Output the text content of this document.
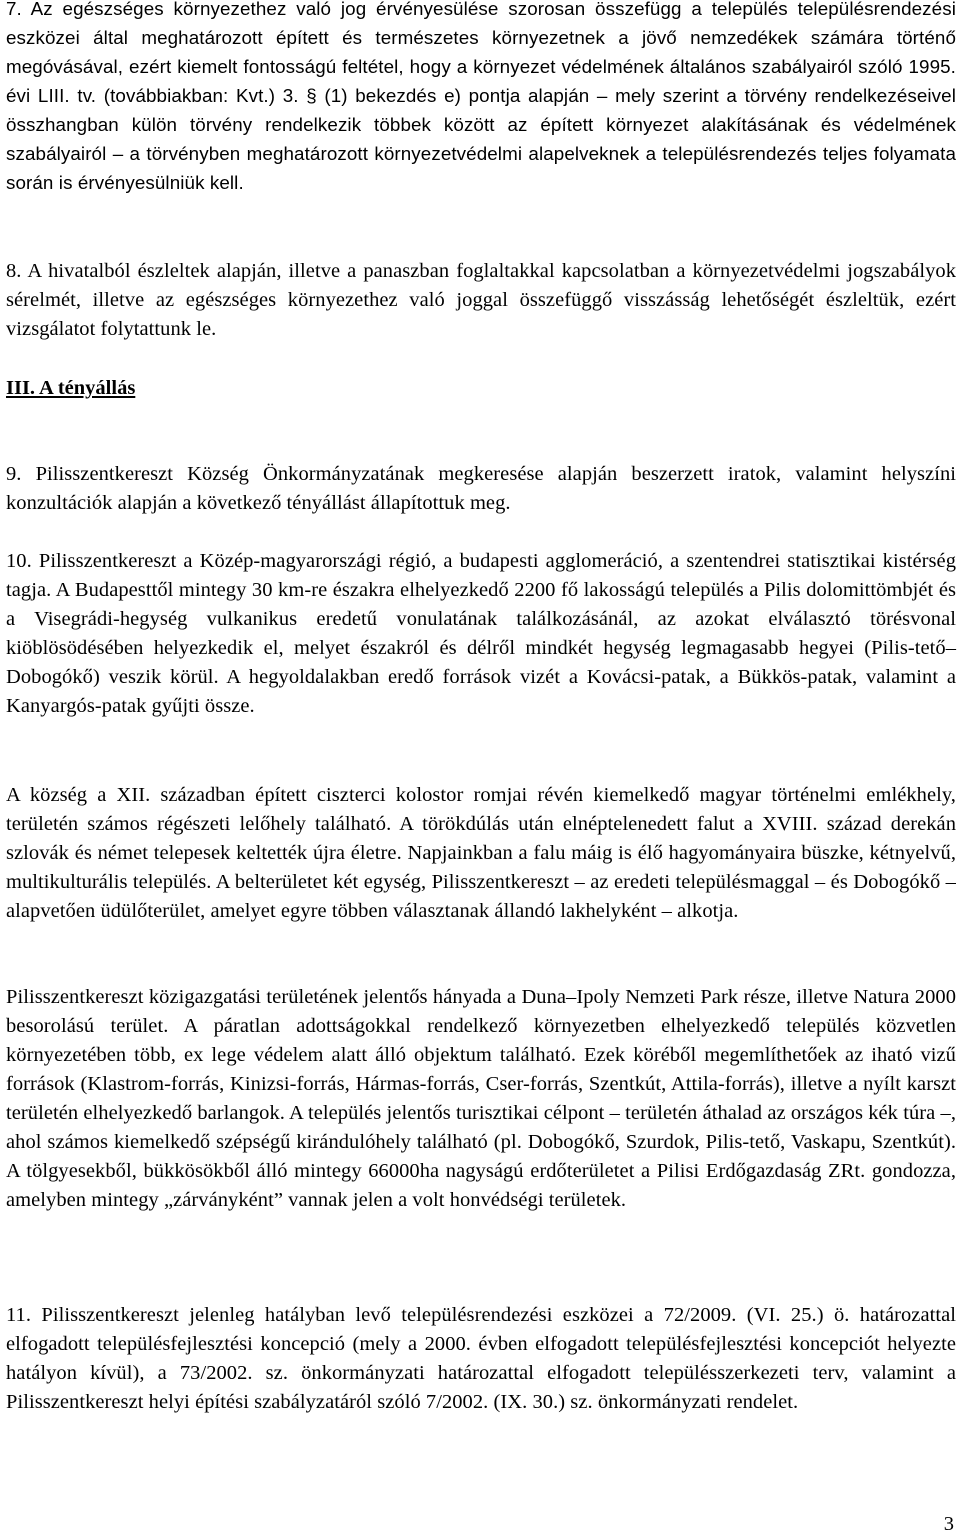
7. Az egészséges környezethez való jog érvényesülése szorosan összefügg a település településrendezési eszközei által meghatározott épített és természetes környezetnek a jövő nemzedékek számára történő megóvásával, ezért kiemelt fontosságú feltétel, hogy a környezet védelmének általános szabályairól szóló 1995. évi LIII. tv. (továbbiakban: Kvt.) 3. § (1) bekezdés e) pontja alapján – mely szerint a törvény rendelkezéseivel összhangban külön törvény rendelkezik többek között az épített környezet alakításának és védelmének szabályairól – a törvényben meghatározott környezetvédelmi alapelveknek a településrendezés teljes folyamata során is érvényesülniük kell.

8. A hivatalból észleltek alapján, illetve a panaszban foglaltakkal kapcsolatban a környezetvédelmi jogszabályok sérelmét, illetve az egészséges környezethez való joggal összefüggő visszásság lehetőségét észleltük, ezért vizsgálatot folytattunk le.

III. A tényállás

9. Pilisszentkereszt Község Önkormányzatának megkeresése alapján beszerzett iratok, valamint helyszíni konzultációk alapján a következő tényállást állapítottuk meg.

10. Pilisszentkereszt a Közép-magyarországi régió, a budapesti agglomeráció, a szentendrei statisztikai kistérség tagja. A Budapesttől mintegy 30 km-re északra elhelyezkedő 2200 fő lakosságú település a Pilis dolomittömbjét és a Visegrádi-hegység vulkanikus eredetű vonulatának találkozásánál, az azokat elválasztó törésvonal kiöblösödésében helyezkedik el, melyet északról és délről mindkét hegység legmagasabb hegyei (Pilis-tető–Dobogókő) veszik körül. A hegyoldalakban eredő források vizét a Kovácsi-patak, a Bükkös-patak, valamint a Kanyargós-patak gyűjti össze.

A község a XII. században épített ciszterci kolostor romjai révén kiemelkedő magyar történelmi emlékhely, területén számos régészeti lelőhely található. A törökdúlás után elnéptelenedett falut a XVIII. század derekán szlovák és német telepesek keltették újra életre. Napjainkban a falu máig is élő hagyományaira büszke, kétnyelvű, multikulturális település. A belterületet két egység, Pilisszentkereszt – az eredeti településmaggal – és Dobogókő – alapvetően üdülőterület, amelyet egyre többen választanak állandó lakhelyként – alkotja.

Pilisszentkereszt közigazgatási területének jelentős hányada a Duna–Ipoly Nemzeti Park része, illetve Natura 2000 besorolású terület. A páratlan adottságokkal rendelkező környezetben elhelyezkedő település közvetlen környezetében több, ex lege védelem alatt álló objektum található. Ezek köréből megemlíthetőek az iható vizű források (Klastrom-forrás, Kinizsi-forrás, Hármas-forrás, Cser-forrás, Szentkút, Attila-forrás), illetve a nyílt karszt területén elhelyezkedő barlangok. A település jelentős turisztikai célpont – területén áthalad az országos kék túra –, ahol számos kiemelkedő szépségű kirándulóhely található (pl. Dobogókő, Szurdok, Pilis-tető, Vaskapu, Szentkút). A tölgyesekből, bükkösökből álló mintegy 66000ha nagyságú erdőterületet a Pilisi Erdőgazdaság ZRt. gondozza, amelyben mintegy „zárványként” vannak jelen a volt honvédségi területek.

11. Pilisszentkereszt jelenleg hatályban levő településrendezési eszközei a 72/2009. (VI. 25.) ö. határozattal elfogadott településfejlesztési koncepció (mely a 2000. évben elfogadott településfejlesztési koncepciót helyezte hatályon kívül), a 73/2002. sz. önkormányzati határozattal elfogadott településszerkezeti terv, valamint a Pilisszentkereszt helyi építési szabályzatáról szóló 7/2002. (IX. 30.) sz. önkormányzati rendelet.

3
